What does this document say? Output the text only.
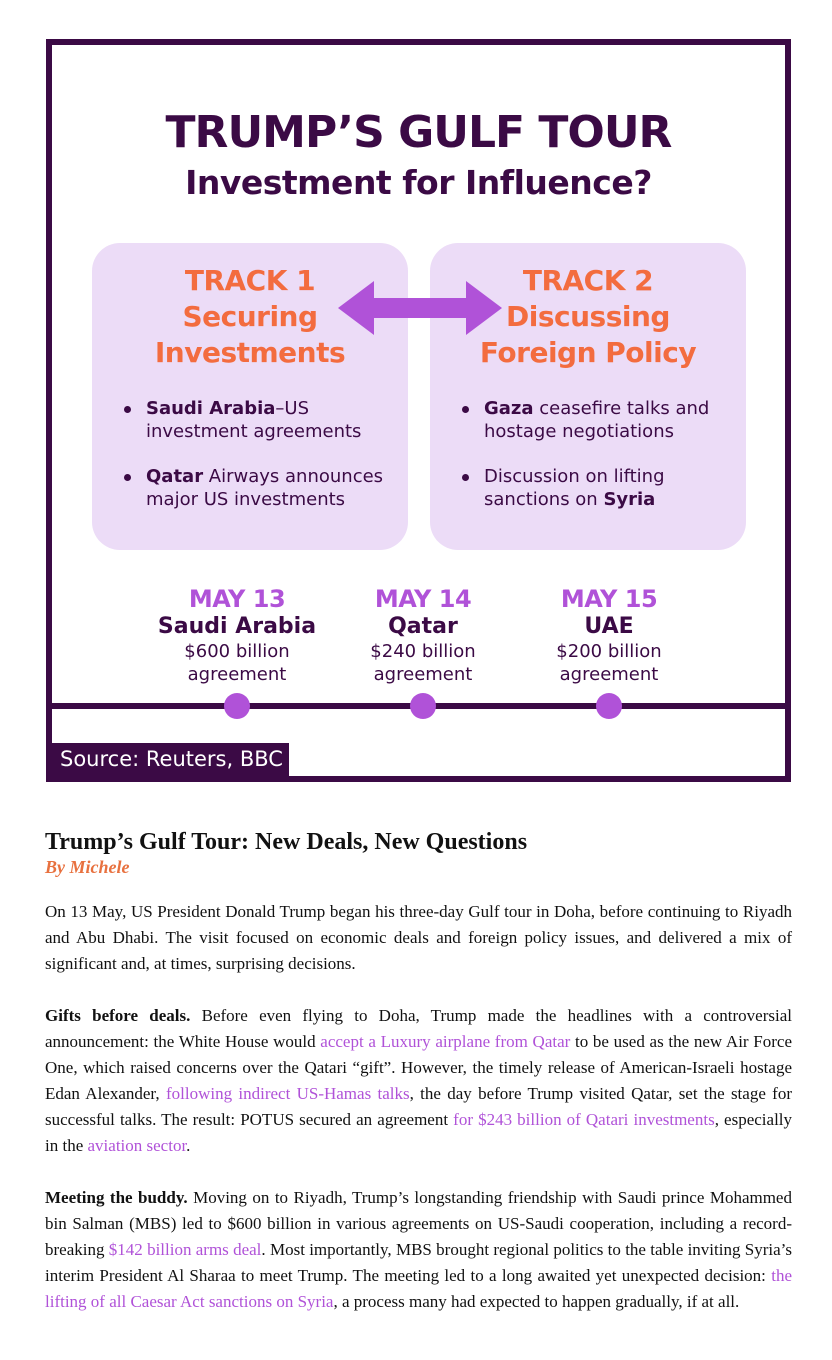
TRUMP’S GULF TOUR
Investment for Influence?
TRACK 1
Securing
Investments
Saudi Arabia–US investment agreements
Qatar Airways announces major US investments
TRACK 2
Discussing
Foreign Policy
Gaza ceasefire talks and hostage negotiations
Discussion on lifting sanctions on Syria
MAY 13
Saudi Arabia
$600 billion
agreement
MAY 14
Qatar
$240 billion
agreement
MAY 15
UAE
$200 billion
agreement
Source: Reuters, BBC
Trump’s Gulf Tour: New Deals, New Questions
By Michele

On 13 May, US President Donald Trump began his three-day Gulf tour in Doha, before continuing to Riyadh and Abu Dhabi. The visit focused on economic deals and foreign policy issues, and delivered a mix of significant and, at times, surprising decisions.

Gifts before deals. Before even flying to Doha, Trump made the headlines with a controversial announcement: the White House would accept a Luxury airplane from Qatar to be used as the new Air Force One, which raised concerns over the Qatari “gift”. However, the timely release of American-Israeli hostage Edan Alexander, following indirect US-Hamas talks, the day before Trump visited Qatar, set the stage for successful talks. The result: POTUS secured an agreement for $243 billion of Qatari investments, especially in the aviation sector.

Meeting the buddy. Moving on to Riyadh, Trump’s longstanding friendship with Saudi prince Mohammed bin Salman (MBS) led to $600 billion in various agreements on US-Saudi cooperation, including a record-breaking $142 billion arms deal. Most importantly, MBS brought regional politics to the table inviting Syria’s interim President Al Sharaa to meet Trump. The meeting led to a long awaited yet unexpected decision: the lifting of all Caesar Act sanctions on Syria, a process many had expected to happen gradually, if at all.
